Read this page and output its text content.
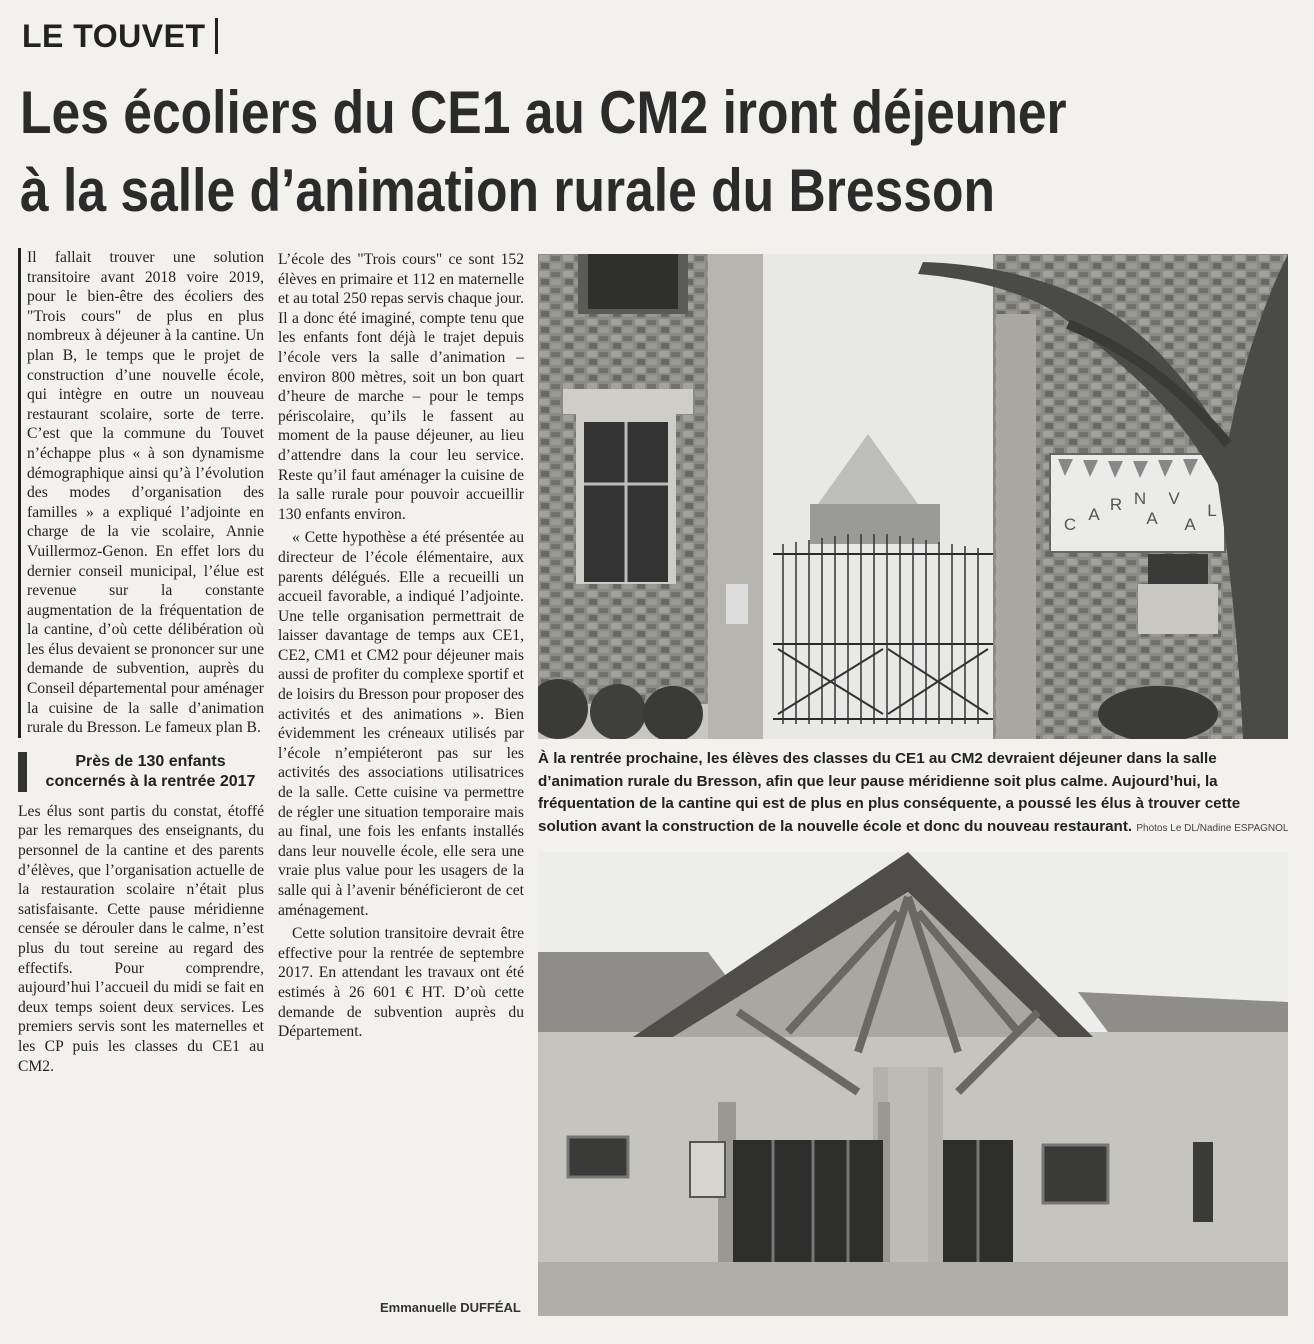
LE TOUVET
Les écoliers du CE1 au CM2 iront déjeuner
à la salle d’animation rurale du Bresson

Il fallait trouver une solution transitoire avant 2018 voire 2019, pour le bien-être des écoliers des "Trois cours" de plus en plus nombreux à déjeuner à la cantine. Un plan B, le temps que le projet de construction d’une nouvelle école, qui intègre en outre un nouveau restaurant scolaire, sorte de terre. C’est que la commune du Touvet n’échappe plus « à son dynamisme démographique ainsi qu’à l’évolution des modes d’organisation des familles » a expliqué l’adjointe en charge de la vie scolaire, Annie Vuillermoz-Genon. En effet lors du dernier conseil municipal, l’élue est revenue sur la constante augmentation de la fréquentation de la cantine, d’où cette délibération où les élus devaient se prononcer sur une demande de subvention, auprès du Conseil départemental pour aménager la cuisine de la salle d’animation rurale du Bresson. Le fameux plan B.

Près de 130 enfants concernés à la rentrée 2017

Les élus sont partis du constat, étoffé par les remarques des enseignants, du personnel de la cantine et des parents d’élèves, que l’organisation actuelle de la restauration scolaire n’était plus satisfaisante. Cette pause méridienne censée se dérouler dans le calme, n’est plus du tout sereine au regard des effectifs. Pour comprendre, aujourd’hui l’accueil du midi se fait en deux temps soient deux services. Les premiers servis sont les maternelles et les CP puis les classes du CE1 au CM2.

L’école des "Trois cours" ce sont 152 élèves en primaire et 112 en maternelle et au total 250 repas servis chaque jour. Il a donc été imaginé, compte tenu que les enfants font déjà le trajet depuis l’école vers la salle d’animation – environ 800 mètres, soit un bon quart d’heure de marche – pour le temps périscolaire, qu’ils le fassent au moment de la pause déjeuner, au lieu d’attendre dans la cour leu service. Reste qu’il faut aménager la cuisine de la salle rurale pour pouvoir accueillir 130 enfants environ.

« Cette hypothèse a été présentée au directeur de l’école élémentaire, aux parents délégués. Elle a recueilli un accueil favorable, a indiqué l’adjointe. Une telle organisation permettrait de laisser davantage de temps aux CE1, CE2, CM1 et CM2 pour déjeuner mais aussi de profiter du complexe sportif et de loisirs du Bresson pour proposer des activités et des animations ». Bien évidemment les créneaux utilisés par l’école n’empiéteront pas sur les activités des associations utilisatrices de la salle. Cette cuisine va permettre de régler une situation temporaire mais au final, une fois les enfants installés dans leur nouvelle école, elle sera une vraie plus value pour les usagers de la salle qui à l’avenir bénéficieront de cet aménagement.

Cette solution transitoire devrait être effective pour la rentrée de septembre 2017. En attendant les travaux ont été estimés à 26 601 € HT. D’où cette demande de subvention auprès du Département.

Emmanuelle DUFFÉAL
C
A
R N
A
V
A
L
À la rentrée prochaine, les élèves des classes du CE1 au CM2 devraient déjeuner dans la salle d’animation rurale du Bresson, afin que leur pause méridienne soit plus calme. Aujourd’hui, la fréquentation de la cantine qui est de plus en plus conséquente, a poussé les élus à trouver cette solution avant la construction de la nouvelle école et donc du nouveau restaurant. Photos Le DL/Nadine ESPAGNOL
